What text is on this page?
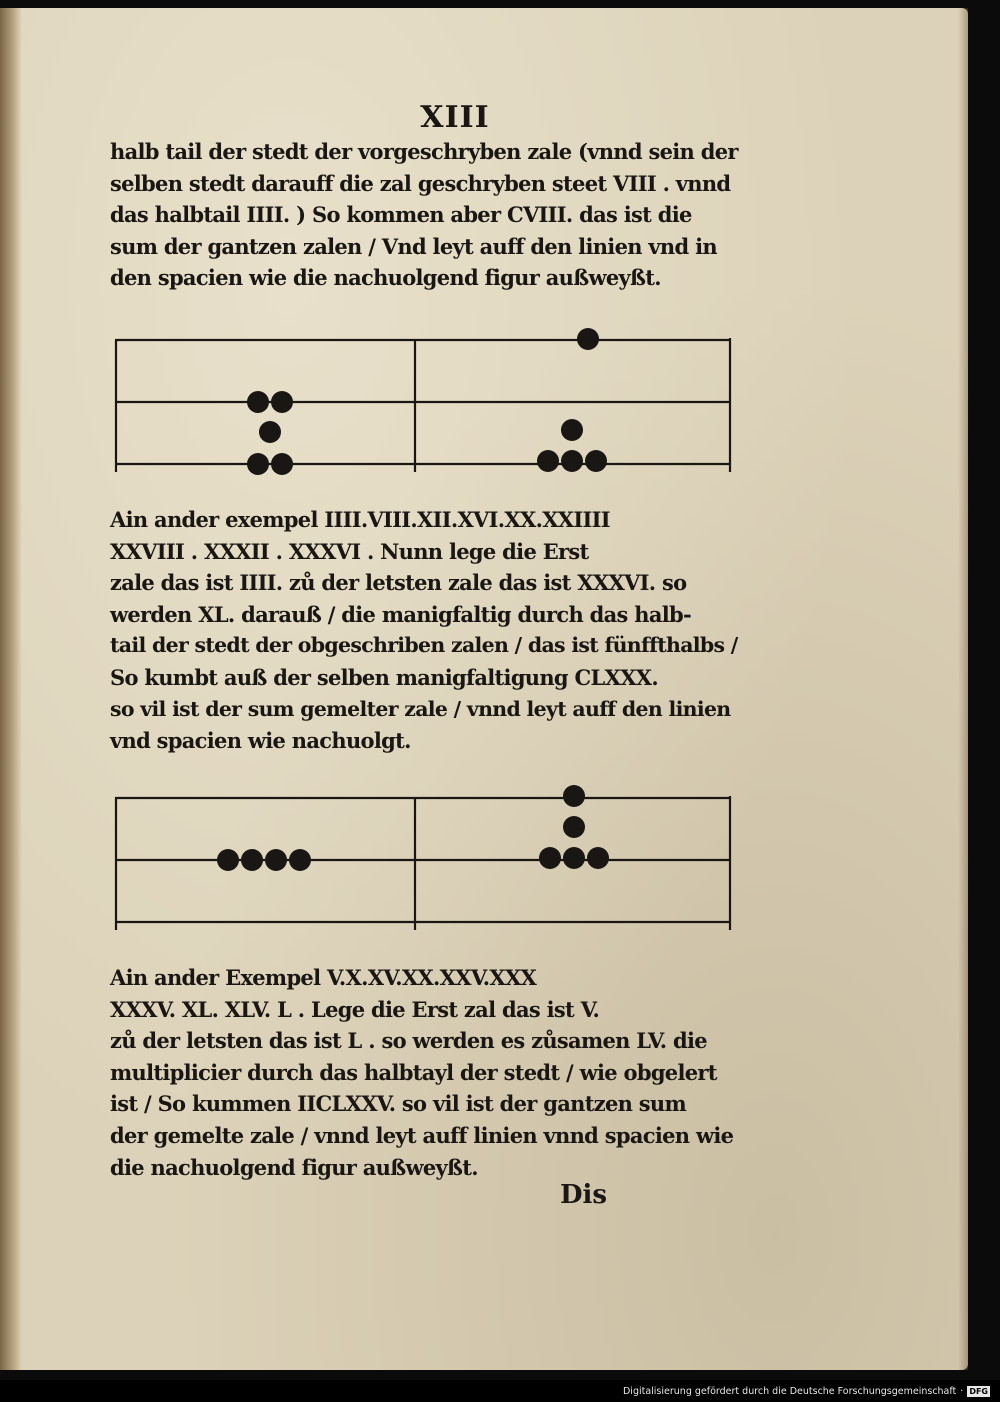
XIII
halb tail der stedt der vorgeschryben zale (vnnd sein der
selben stedt darauff die zal geschryben steet VIII . vnnd
das halbtail IIII. ) So kommen aber CVIII. das ist die
sum der gantzen zalen / Vnd leyt auff den linien vnd in
den spacien wie die nachuolgend figur außweyßt.
Ain ander exempel IIII.VIII.XII.XVI.XX.XXIIII
XXVIII . XXXII . XXXVI . Nunn lege die Erst
zale das ist IIII. zů der letsten zale das ist XXXVI. so
werden XL. darauß / die manigfaltig durch das halb-
tail der stedt der obgeschriben zalen / das ist fünffthalbs /
So kumbt auß der selben manigfaltigung CLXXX.
so vil ist der sum gemelter zale / vnnd leyt auff den linien
vnd spacien wie nachuolgt.
Ain ander Exempel V.X.XV.XX.XXV.XXX
XXXV. XL. XLV. L . Lege die Erst zal das ist V.
zů der letsten das ist L . so werden es zůsamen LV. die
multiplicier durch das halbtayl der stedt / wie obgelert
ist / So kummen IICLXXV. so vil ist der gantzen sum
der gemelte zale / vnnd leyt auff linien vnnd spacien wie
die nachuolgend figur außweyßt.
Dis
Digitalisierung gefördert durch die Deutsche Forschungsgemeinschaft · DFG
